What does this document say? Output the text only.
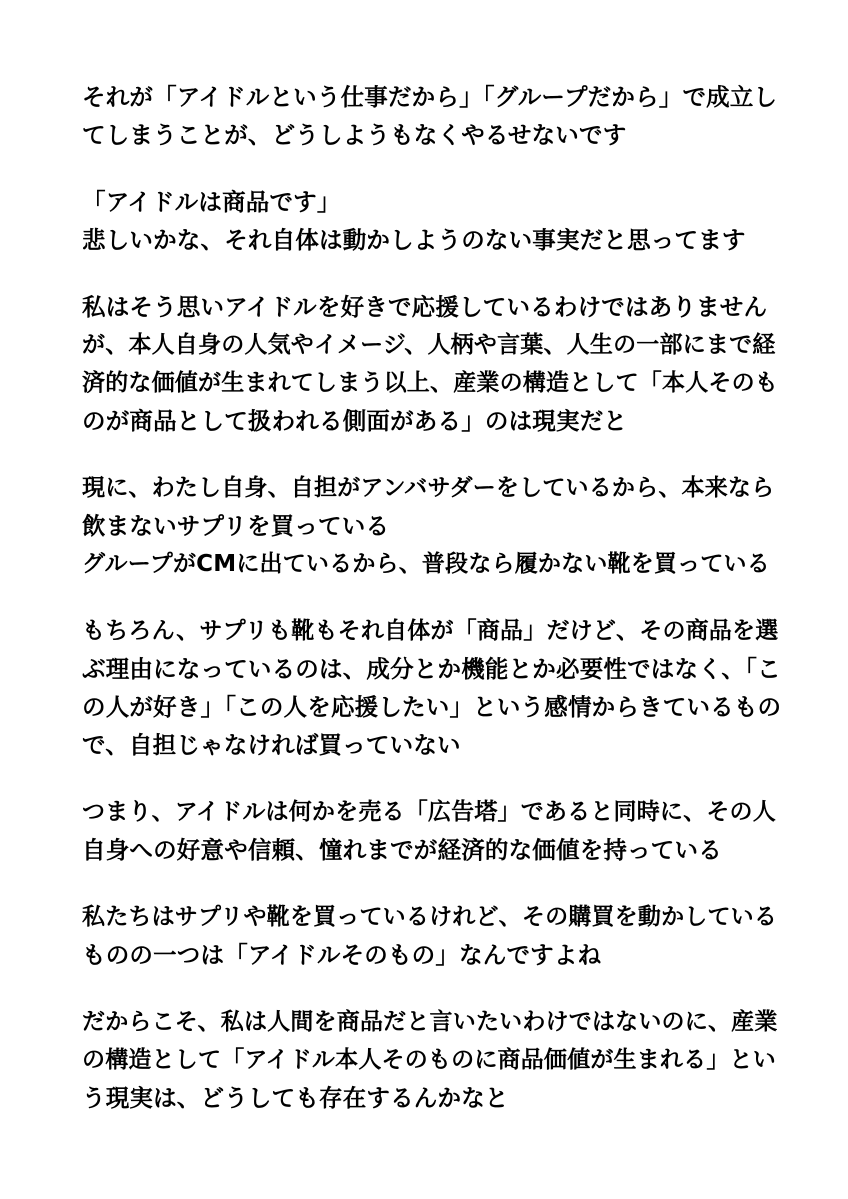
それが「アイドルという仕事だから」「グループだから」で成立し
てしまうことが、どうしようもなくやるせないです
「アイドルは商品です」
悲しいかな、それ自体は動かしようのない事実だと思ってます
私はそう思いアイドルを好きで応援しているわけではありません
が、本人自身の人気やイメージ、人柄や言葉、人生の一部にまで経
済的な価値が生まれてしまう以上、産業の構造として「本人そのも
のが商品として扱われる側面がある」のは現実だと
現に、わたし自身、自担がアンバサダーをしているから、本来なら
飲まないサプリを買っている
グループがCMに出ているから、普段なら履かない靴を買っている
もちろん、サプリも靴もそれ自体が「商品」だけど、その商品を選
ぶ理由になっているのは、成分とか機能とか必要性ではなく、「こ
の人が好き」「この人を応援したい」という感情からきているもの
で、自担じゃなければ買っていない
つまり、アイドルは何かを売る「広告塔」であると同時に、その人
自身への好意や信頼、憧れまでが経済的な価値を持っている
私たちはサプリや靴を買っているけれど、その購買を動かしている
ものの一つは「アイドルそのもの」なんですよね
だからこそ、私は人間を商品だと言いたいわけではないのに、産業
の構造として「アイドル本人そのものに商品価値が生まれる」とい
う現実は、どうしても存在するんかなと
